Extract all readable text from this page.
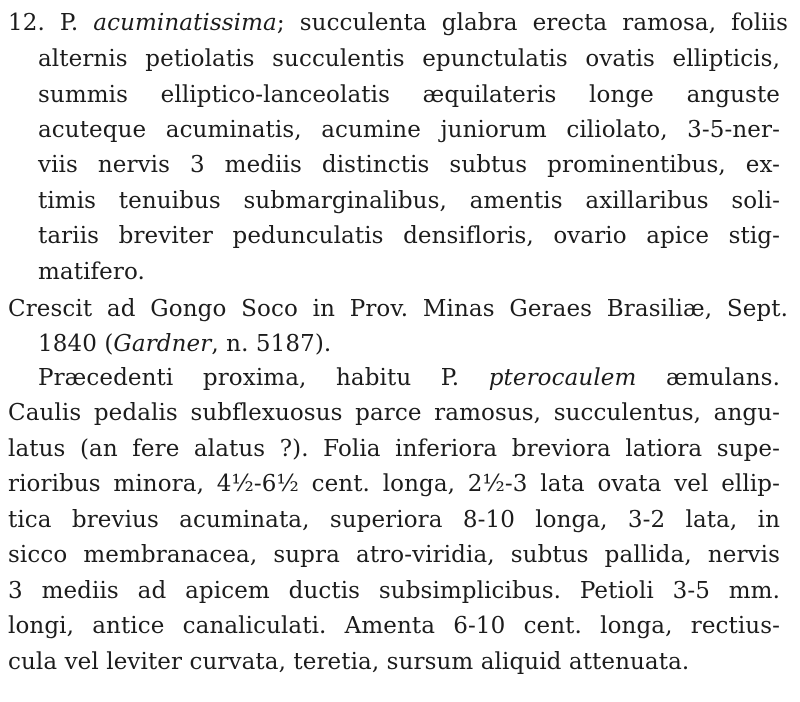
12. P. acuminatissima; succulenta glabra erecta ramosa, foliis
alternis petiolatis succulentis epunctulatis ovatis ellipticis,
summis elliptico-lanceolatis æquilateris longe anguste
acuteque acuminatis, acumine juniorum ciliolato, 3-5-ner-
viis nervis 3 mediis distinctis subtus prominentibus, ex-
timis tenuibus submarginalibus, amentis axillaribus soli-
tariis breviter pedunculatis densifloris, ovario apice stig-
matifero.
Crescit ad Gongo Soco in Prov. Minas Geraes Brasiliæ, Sept.
1840 (Gardner, n. 5187).
Præcedenti proxima, habitu P. pterocaulem æmulans.
Caulis pedalis subflexuosus parce ramosus, succulentus, angu-
latus (an fere alatus ?). Folia inferiora breviora latiora supe-
rioribus minora, 4½-6½ cent. longa, 2½-3 lata ovata vel ellip-
tica brevius acuminata, superiora 8-10 longa, 3-2 lata, in
sicco membranacea, supra atro-viridia, subtus pallida, nervis
3 mediis ad apicem ductis subsimplicibus. Petioli 3-5 mm.
longi, antice canaliculati. Amenta 6-10 cent. longa, rectius-
cula vel leviter curvata, teretia, sursum aliquid attenuata.
